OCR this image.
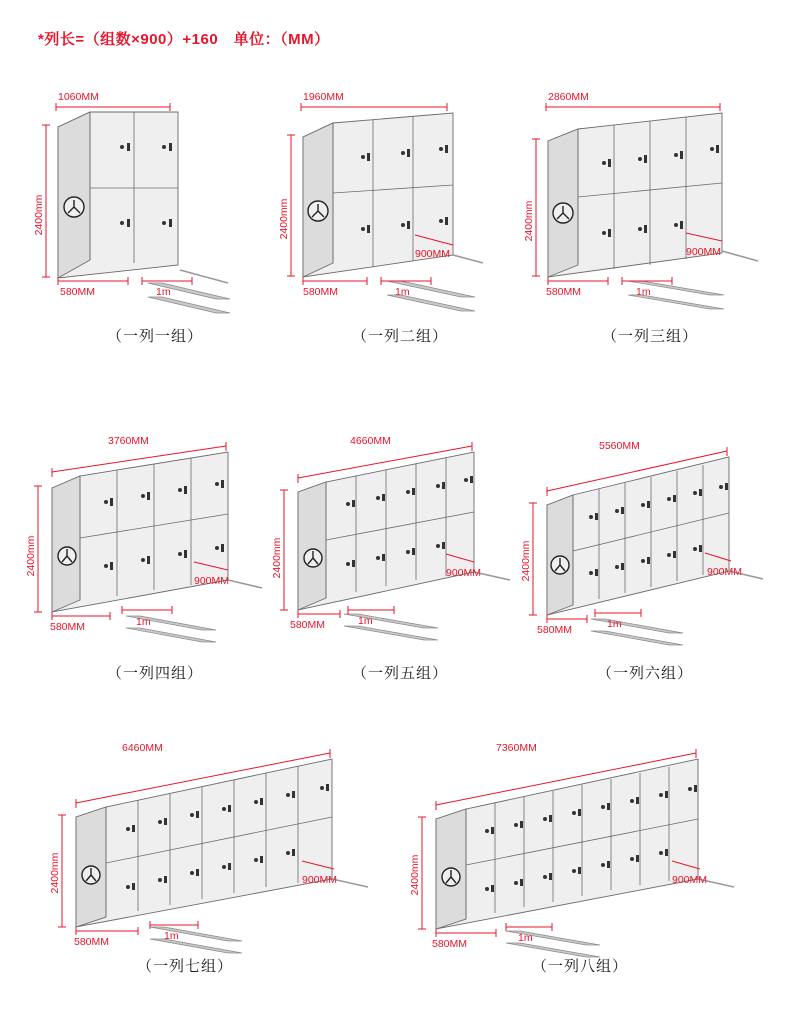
*列长=（组数×900）+160　单位：（MM）
1060MM
2400mm
580MM	1m
（一列一组）
1960MM
2400mm
580MM	1m
900MM
（一列二组）
2860MM
2400mm
580MM	1m
900MM
（一列三组）
3760MM
2400mm
580MM	1m
900MM
（一列四组）
4660MM
2400mm
580MM	1m
900MM
（一列五组）
5560MM
2400mm
580MM	1m
900MM
（一列六组）
6460MM
2400mm
580MM	1m
900MM
（一列七组）
7360MM
2400mm
580MM	1m
900MM
（一列八组）
